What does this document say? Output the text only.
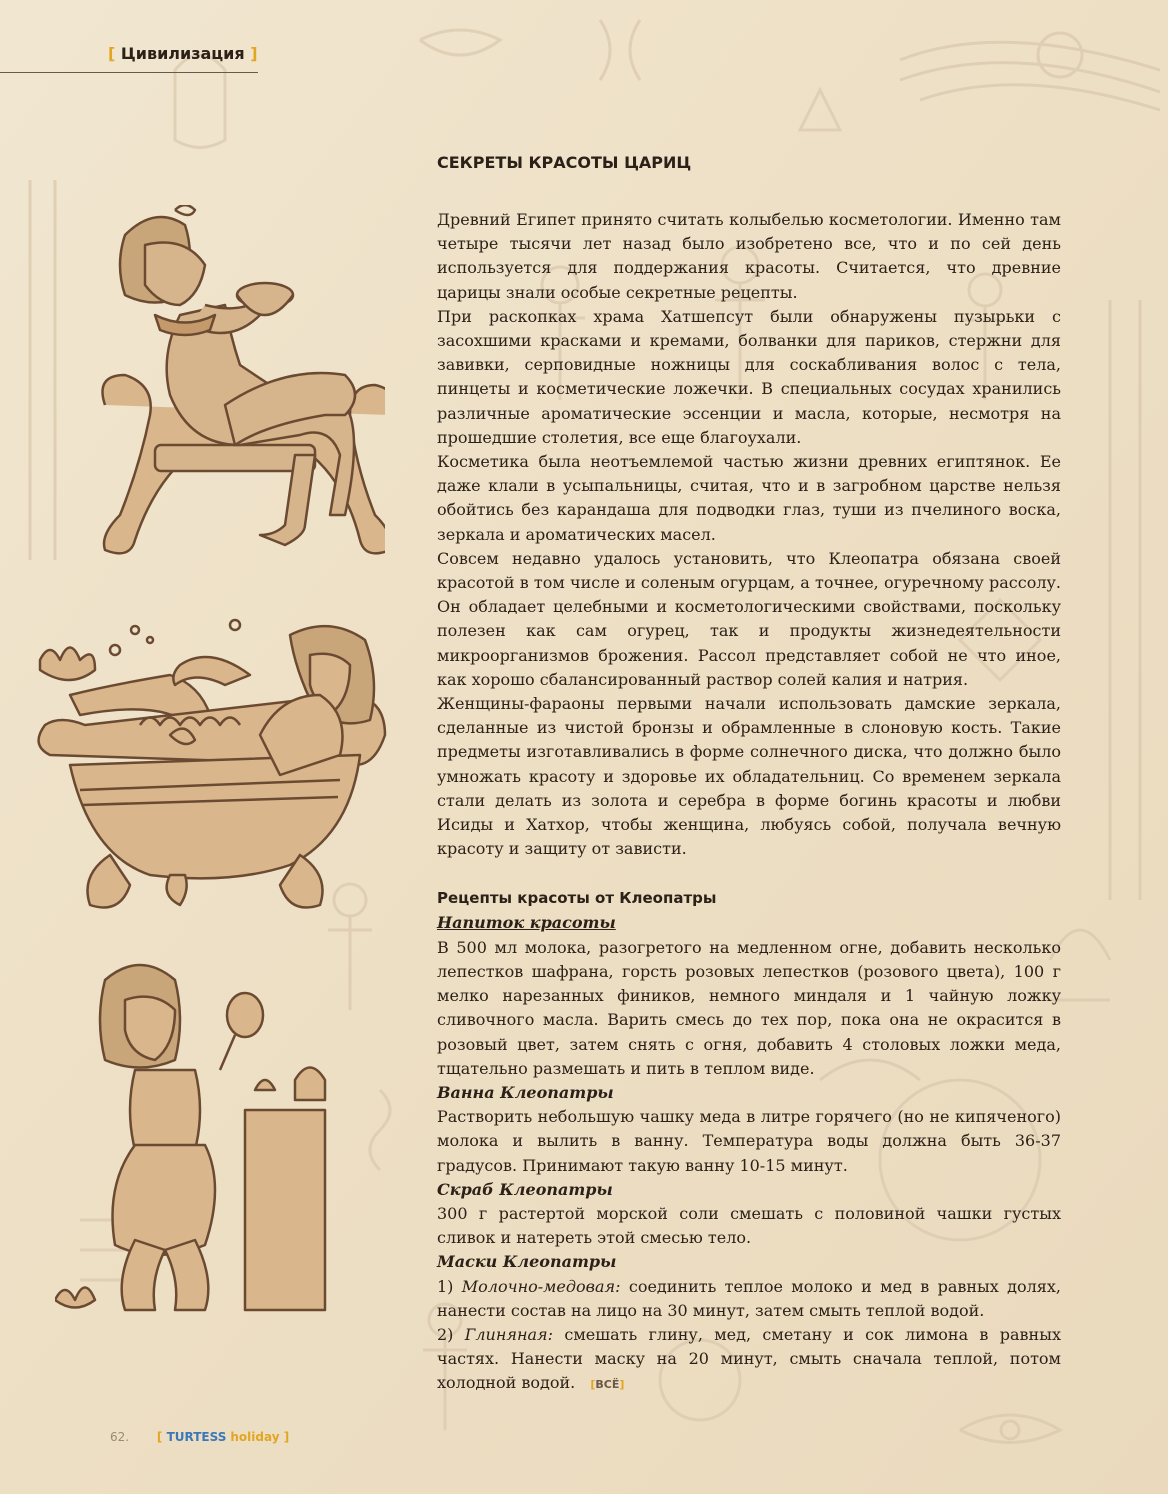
[ Цивилизация ]
СЕКРЕТЫ КРАСОТЫ ЦАРИЦ

Древний Египет принято считать колыбелью косметологии. Именно там четыре тысячи лет назад было изобретено все, что и по сей день используется для поддержания красоты. Считается, что древние царицы знали особые секретные рецепты.

При раскопках храма Хатшепсут были обнаружены пузырьки с засохшими красками и кремами, болванки для париков, стержни для завивки, серповидные ножницы для соскабливания волос с тела, пинцеты и косметические ложечки. В специальных сосудах хранились различные ароматические эссенции и масла, которые, несмотря на прошедшие столетия, все еще благоухали.

Косметика была неотъемлемой частью жизни древних египтянок. Ее даже клали в усыпальницы, считая, что и в загробном царстве нельзя обойтись без карандаша для подводки глаз, туши из пчелиного воска, зеркала и ароматических масел.

Совсем недавно удалось установить, что Клеопатра обязана своей красотой в том числе и соленым огурцам, а точнее, огуречному рассолу. Он обладает целебными и косметологическими свойствами, поскольку полезен как сам огурец, так и продукты жизнедеятельности микроорганизмов брожения. Рассол представляет собой не что иное, как хорошо сбалансированный раствор солей калия и натрия.

Женщины-фараоны первыми начали использовать дамские зеркала, сделанные из чистой бронзы и обрамленные в слоновую кость. Такие предметы изготавливались в форме солнечного диска, что должно было умножать красоту и здоровье их обладательниц. Со временем зеркала стали делать из золота и серебра в форме богинь красоты и любви Исиды и Хатхор, чтобы женщина, любуясь собой, получала вечную красоту и защиту от зависти.

Рецепты красоты от Клеопатры

Напиток красоты

В 500 мл молока, разогретого на медленном огне, добавить несколько лепестков шафрана, горсть розовых лепестков (розового цвета), 100 г мелко нарезанных фиников, немного миндаля и 1 чайную ложку сливочного масла. Варить смесь до тех пор, пока она не окрасится в розовый цвет, затем снять с огня, добавить 4 столовых ложки меда, тщательно размешать и пить в теплом виде.

Ванна Клеопатры

Растворить небольшую чашку меда в литре горячего (но не кипяченого) молока и вылить в ванну. Температура воды должна быть 36-37 градусов. Принимают такую ванну 10-15 минут.

Скраб Клеопатры

300 г растертой морской соли смешать с половиной чашки густых сливок и натереть этой смесью тело.

Маски Клеопатры

1) Молочно-медовая: соединить теплое молоко и мед в равных долях, нанести состав на лицо на 30 минут, затем смыть теплой водой.

2) Глиняная: смешать глину, мед, сметану и сок лимона в равных частях. Нанести маску на 20 минут, смыть сначала теплой, потом холодной водой. [ВСЁ]

62. [ TURTESS holiday ]
